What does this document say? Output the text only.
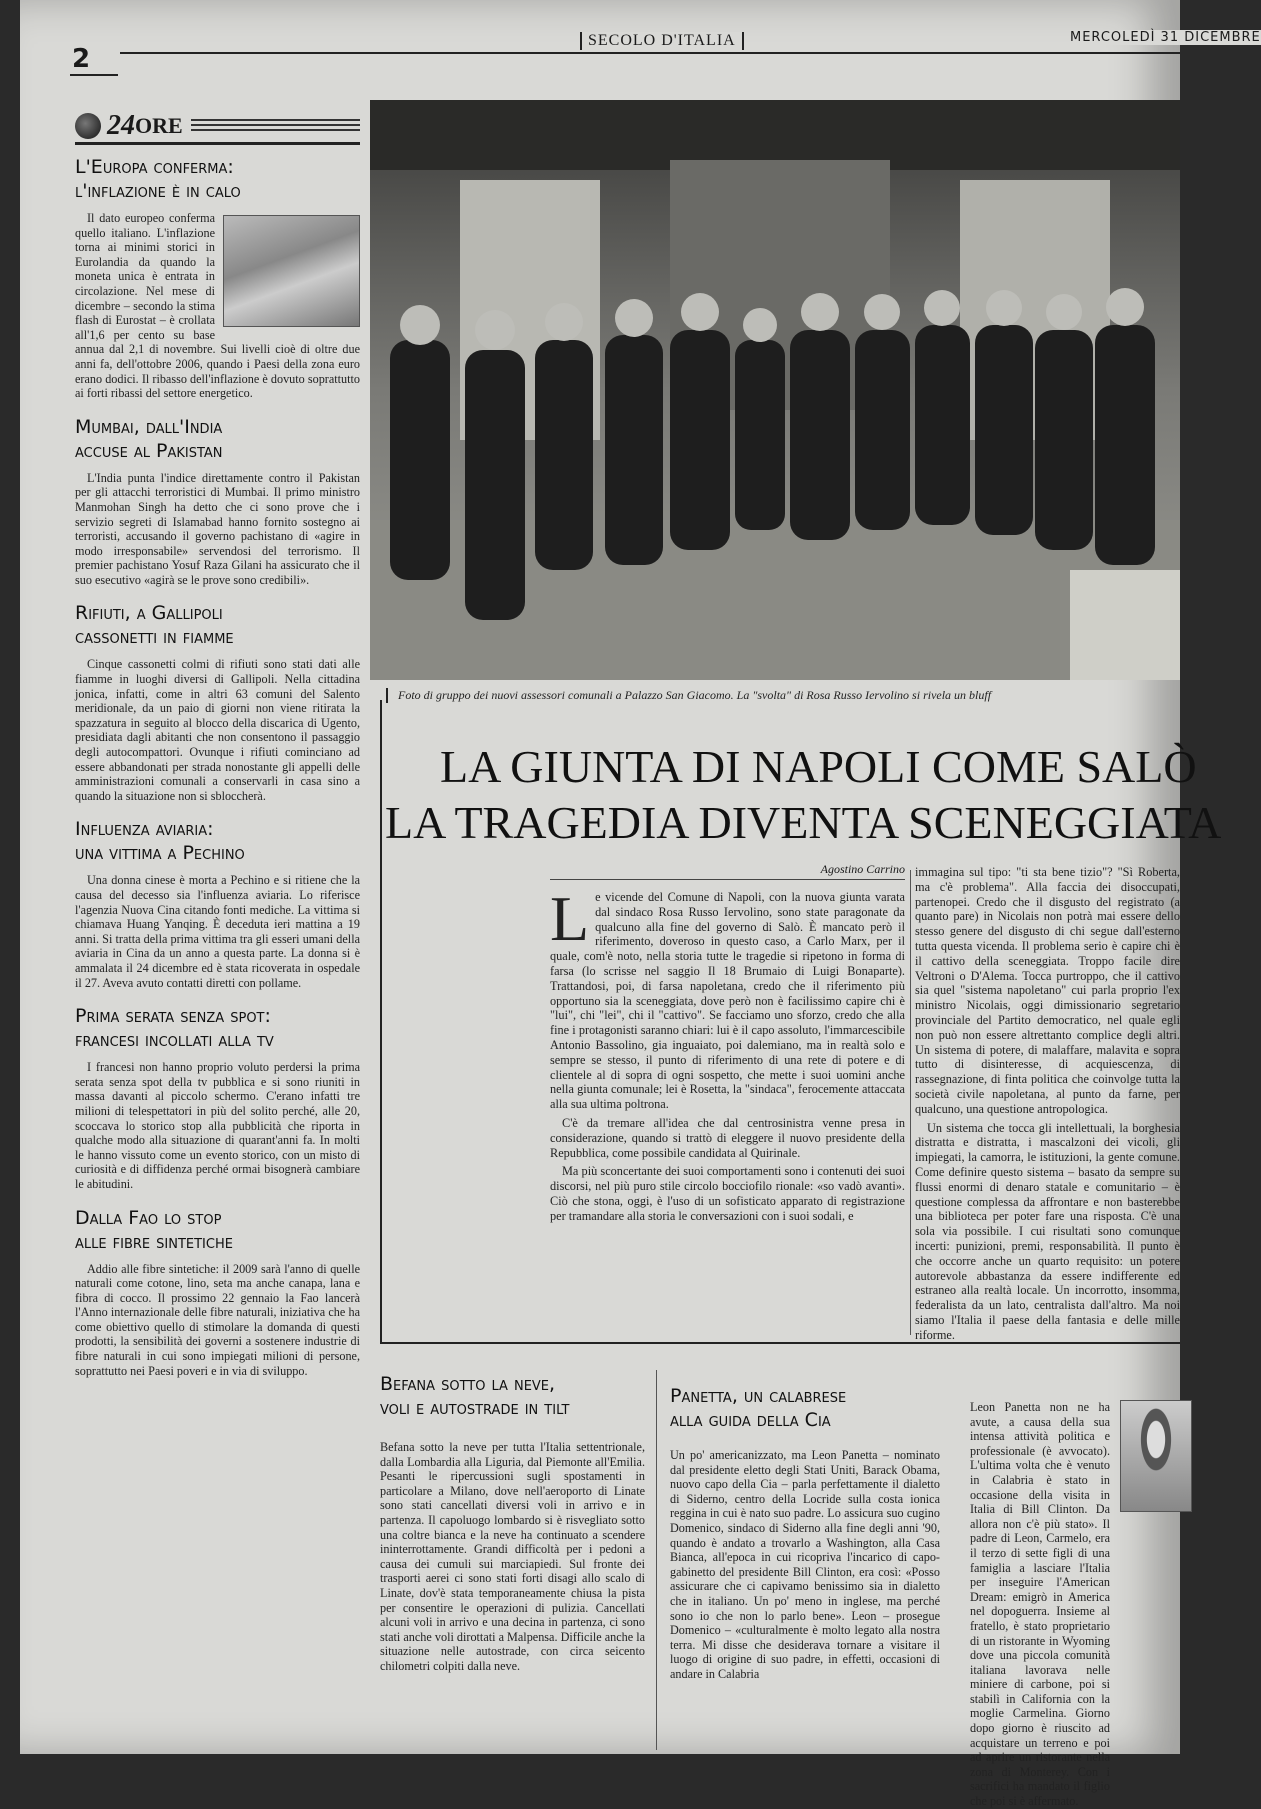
2
SECOLO D'ITALIA	MERCOLEDÌ 31 DICEMBRE
24 ORE
L'Europa conferma:
l'inflazione è in calo

Il dato europeo conferma quello italiano. L'inflazione torna ai minimi storici in Eurolandia da quando la moneta unica è entrata in circolazione. Nel mese di dicembre – secondo la stima flash di Eurostat – è crollata all'1,6 per cento su base annua dal 2,1 di novembre. Sui livelli cioè di oltre due anni fa, dell'ottobre 2006, quando i Paesi della zona euro erano dodici. Il ribasso dell'inflazione è dovuto soprattutto ai forti ribassi del settore energetico.

Mumbai, dall'India
accuse al Pakistan

L'India punta l'indice direttamente contro il Pakistan per gli attacchi terroristici di Mumbai. Il primo ministro Manmohan Singh ha detto che ci sono prove che i servizio segreti di Islamabad hanno fornito sostegno ai terroristi, accusando il governo pachistano di «agire in modo irresponsabile» servendosi del terrorismo. Il premier pachistano Yosuf Raza Gilani ha assicurato che il suo esecutivo «agirà se le prove sono credibili».

Rifiuti, a Gallipoli
cassonetti in fiamme

Cinque cassonetti colmi di rifiuti sono stati dati alle fiamme in luoghi diversi di Gallipoli. Nella cittadina jonica, infatti, come in altri 63 comuni del Salento meridionale, da un paio di giorni non viene ritirata la spazzatura in seguito al blocco della discarica di Ugento, presidiata dagli abitanti che non consentono il passaggio degli autocompattori. Ovunque i rifiuti cominciano ad essere abbandonati per strada nonostante gli appelli delle amministrazioni comunali a conservarli in casa sino a quando la situazione non si sbloccherà.

Influenza aviaria:
una vittima a Pechino

Una donna cinese è morta a Pechino e si ritiene che la causa del decesso sia l'influenza aviaria. Lo riferisce l'agenzia Nuova Cina citando fonti mediche. La vittima si chiamava Huang Yanqing. È deceduta ieri mattina a 19 anni. Si tratta della prima vittima tra gli esseri umani della aviaria in Cina da un anno a questa parte. La donna si è ammalata il 24 dicembre ed è stata ricoverata in ospedale il 27. Aveva avuto contatti diretti con pollame.

Prima serata senza spot:
francesi incollati alla tv

I francesi non hanno proprio voluto perdersi la prima serata senza spot della tv pubblica e si sono riuniti in massa davanti al piccolo schermo. C'erano infatti tre milioni di telespettatori in più del solito perché, alle 20, scoccava lo storico stop alla pubblicità che riporta in qualche modo alla situazione di quarant'anni fa. In molti le hanno vissuto come un evento storico, con un misto di curiosità e di diffidenza perché ormai bisognerà cambiare le abitudini.

Dalla Fao lo stop
alle fibre sintetiche

Addio alle fibre sintetiche: il 2009 sarà l'anno di quelle naturali come cotone, lino, seta ma anche canapa, lana e fibra di cocco. Il prossimo 22 gennaio la Fao lancerà l'Anno internazionale delle fibre naturali, iniziativa che ha come obiettivo quello di stimolare la domanda di questi prodotti, la sensibilità dei governi a sostenere industrie di fibre naturali in cui sono impiegati milioni di persone, soprattutto nei Paesi poveri e in via di sviluppo.

Foto di gruppo dei nuovi assessori comunali a Palazzo San Giacomo. La "svolta" di Rosa Russo Iervolino si rivela un bluff
LA GIUNTA DI NAPOLI COME SALÒ
LA TRAGEDIA DIVENTA SCENEGGIATA
Agostino Carrino

Le vicende del Comune di Napoli, con la nuova giunta varata dal sindaco Rosa Russo Iervolino, sono state paragonate da qualcuno alla fine del governo di Salò. È mancato però il riferimento, doveroso in questo caso, a Carlo Marx, per il quale, com'è noto, nella storia tutte le tragedie si ripetono in forma di farsa (lo scrisse nel saggio Il 18 Brumaio di Luigi Bonaparte). Trattandosi, poi, di farsa napoletana, credo che il riferimento più opportuno sia la sceneggiata, dove però non è facilissimo capire chi è "lui", chi "lei", chi il "cattivo". Se facciamo uno sforzo, credo che alla fine i protagonisti saranno chiari: lui è il capo assoluto, l'immarcescibile Antonio Bassolino, gia inguaiato, poi dalemiano, ma in realtà solo e sempre se stesso, il punto di riferimento di una rete di potere e di clientele al di sopra di ogni sospetto, che mette i suoi uomini anche nella giunta comunale; lei è Rosetta, la "sindaca", ferocemente attaccata alla sua ultima poltrona.

C'è da tremare all'idea che dal centrosinistra venne presa in considerazione, quando si trattò di eleggere il nuovo presidente della Repubblica, come possibile candidata al Quirinale.

Ma più sconcertante dei suoi comportamenti sono i contenuti dei suoi discorsi, nel più puro stile circolo bocciofilo rionale: «so vadò avanti». Ciò che stona, oggi, è l'uso di un sofisticato apparato di registrazione per tramandare alla storia le conversazioni con i suoi sodali, e

immagina sul tipo: "ti sta bene tizio"? "Sì Roberta, ma c'è problema". Alla faccia dei disoccupati, partenopei. Credo che il disgusto del registrato (a quanto pare) in Nicolais non potrà mai essere dello stesso genere del disgusto di chi segue dall'esterno tutta questa vicenda. Il problema serio è capire chi è il cattivo della sceneggiata. Troppo facile dire Veltroni o D'Alema. Tocca purtroppo, che il cattivo sia quel "sistema napoletano" cui parla proprio l'ex ministro Nicolais, oggi dimissionario segretario provinciale del Partito democratico, nel quale egli non può non essere altrettanto complice degli altri. Un sistema di potere, di malaffare, malavita e sopra tutto di disinteresse, di acquiescenza, di rassegnazione, di finta politica che coinvolge tutta la società civile napoletana, al punto da farne, per qualcuno, una questione antropologica.

Un sistema che tocca gli intellettuali, la borghesia distratta e distratta, i mascalzoni dei vicoli, gli impiegati, la camorra, le istituzioni, la gente comune. Come definire questo sistema – basato da sempre su flussi enormi di denaro statale e comunitario – è questione complessa da affrontare e non basterebbe una biblioteca per poter fare una risposta. C'è una sola via possibile. I cui risultati sono comunque incerti: punizioni, premi, responsabilità. Il punto è che occorre anche un quarto requisito: un potere autorevole abbastanza da essere indifferente ed estraneo alla realtà locale. Un incorrotto, insomma, federalista da un lato, centralista dall'altro. Ma noi siamo l'Italia il paese della fantasia e delle mille riforme.

Befana sotto la neve,
voli e autostrade in tilt
Befana sotto la neve per tutta l'Italia settentrionale, dalla Lombardia alla Liguria, dal Piemonte all'Emilia. Pesanti le ripercussioni sugli spostamenti in particolare a Milano, dove nell'aeroporto di Linate sono stati cancellati diversi voli in arrivo e in partenza. Il capoluogo lombardo si è risvegliato sotto una coltre bianca e la neve ha continuato a scendere ininterrottamente. Grandi difficoltà per i pedoni a causa dei cumuli sui marciapiedi. Sul fronte dei trasporti aerei ci sono stati forti disagi allo scalo di Linate, dov'è stata temporaneamente chiusa la pista per consentire le operazioni di pulizia. Cancellati alcuni voli in arrivo e una decina in partenza, ci sono stati anche voli dirottati a Malpensa. Difficile anche la situazione nelle autostrade, con circa seicento chilometri colpiti dalla neve.
Panetta, un calabrese
alla guida della Cia
Un po' americanizzato, ma Leon Panetta – nominato dal presidente eletto degli Stati Uniti, Barack Obama, nuovo capo della Cia – parla perfettamente il dialetto di Siderno, centro della Locride sulla costa ionica reggina in cui è nato suo padre. Lo assicura suo cugino Domenico, sindaco di Siderno alla fine degli anni '90, quando è andato a trovarlo a Washington, alla Casa Bianca, all'epoca in cui ricopriva l'incarico di capo-gabinetto del presidente Bill Clinton, era così: «Posso assicurare che ci capivamo benissimo sia in dialetto che in italiano. Un po' meno in inglese, ma perché sono io che non lo parlo bene». Leon – prosegue Domenico – «culturalmente è molto legato alla nostra terra. Mi disse che desiderava tornare a visitare il luogo di origine di suo padre, in effetti, occasioni di andare in Calabria
Leon Panetta non ne ha avute, a causa della sua intensa attività politica e professionale (è avvocato). L'ultima volta che è venuto in Calabria è stato in occasione della visita in Italia di Bill Clinton. Da allora non c'è più stato». Il padre di Leon, Carmelo, era il terzo di sette figli di una famiglia a lasciare l'Italia per inseguire l'American Dream: emigrò in America nel dopoguerra. Insieme al fratello, è stato proprietario di un ristorante in Wyoming dove una piccola comunità italiana lavorava nelle miniere di carbone, poi si stabilì in California con la moglie Carmelina. Giorno dopo giorno è riuscito ad acquistare un terreno e poi ad aprire un ristorante nella zona di Monterey. Con i sacrifici ha mandato il figlio che poi si è affermato.
